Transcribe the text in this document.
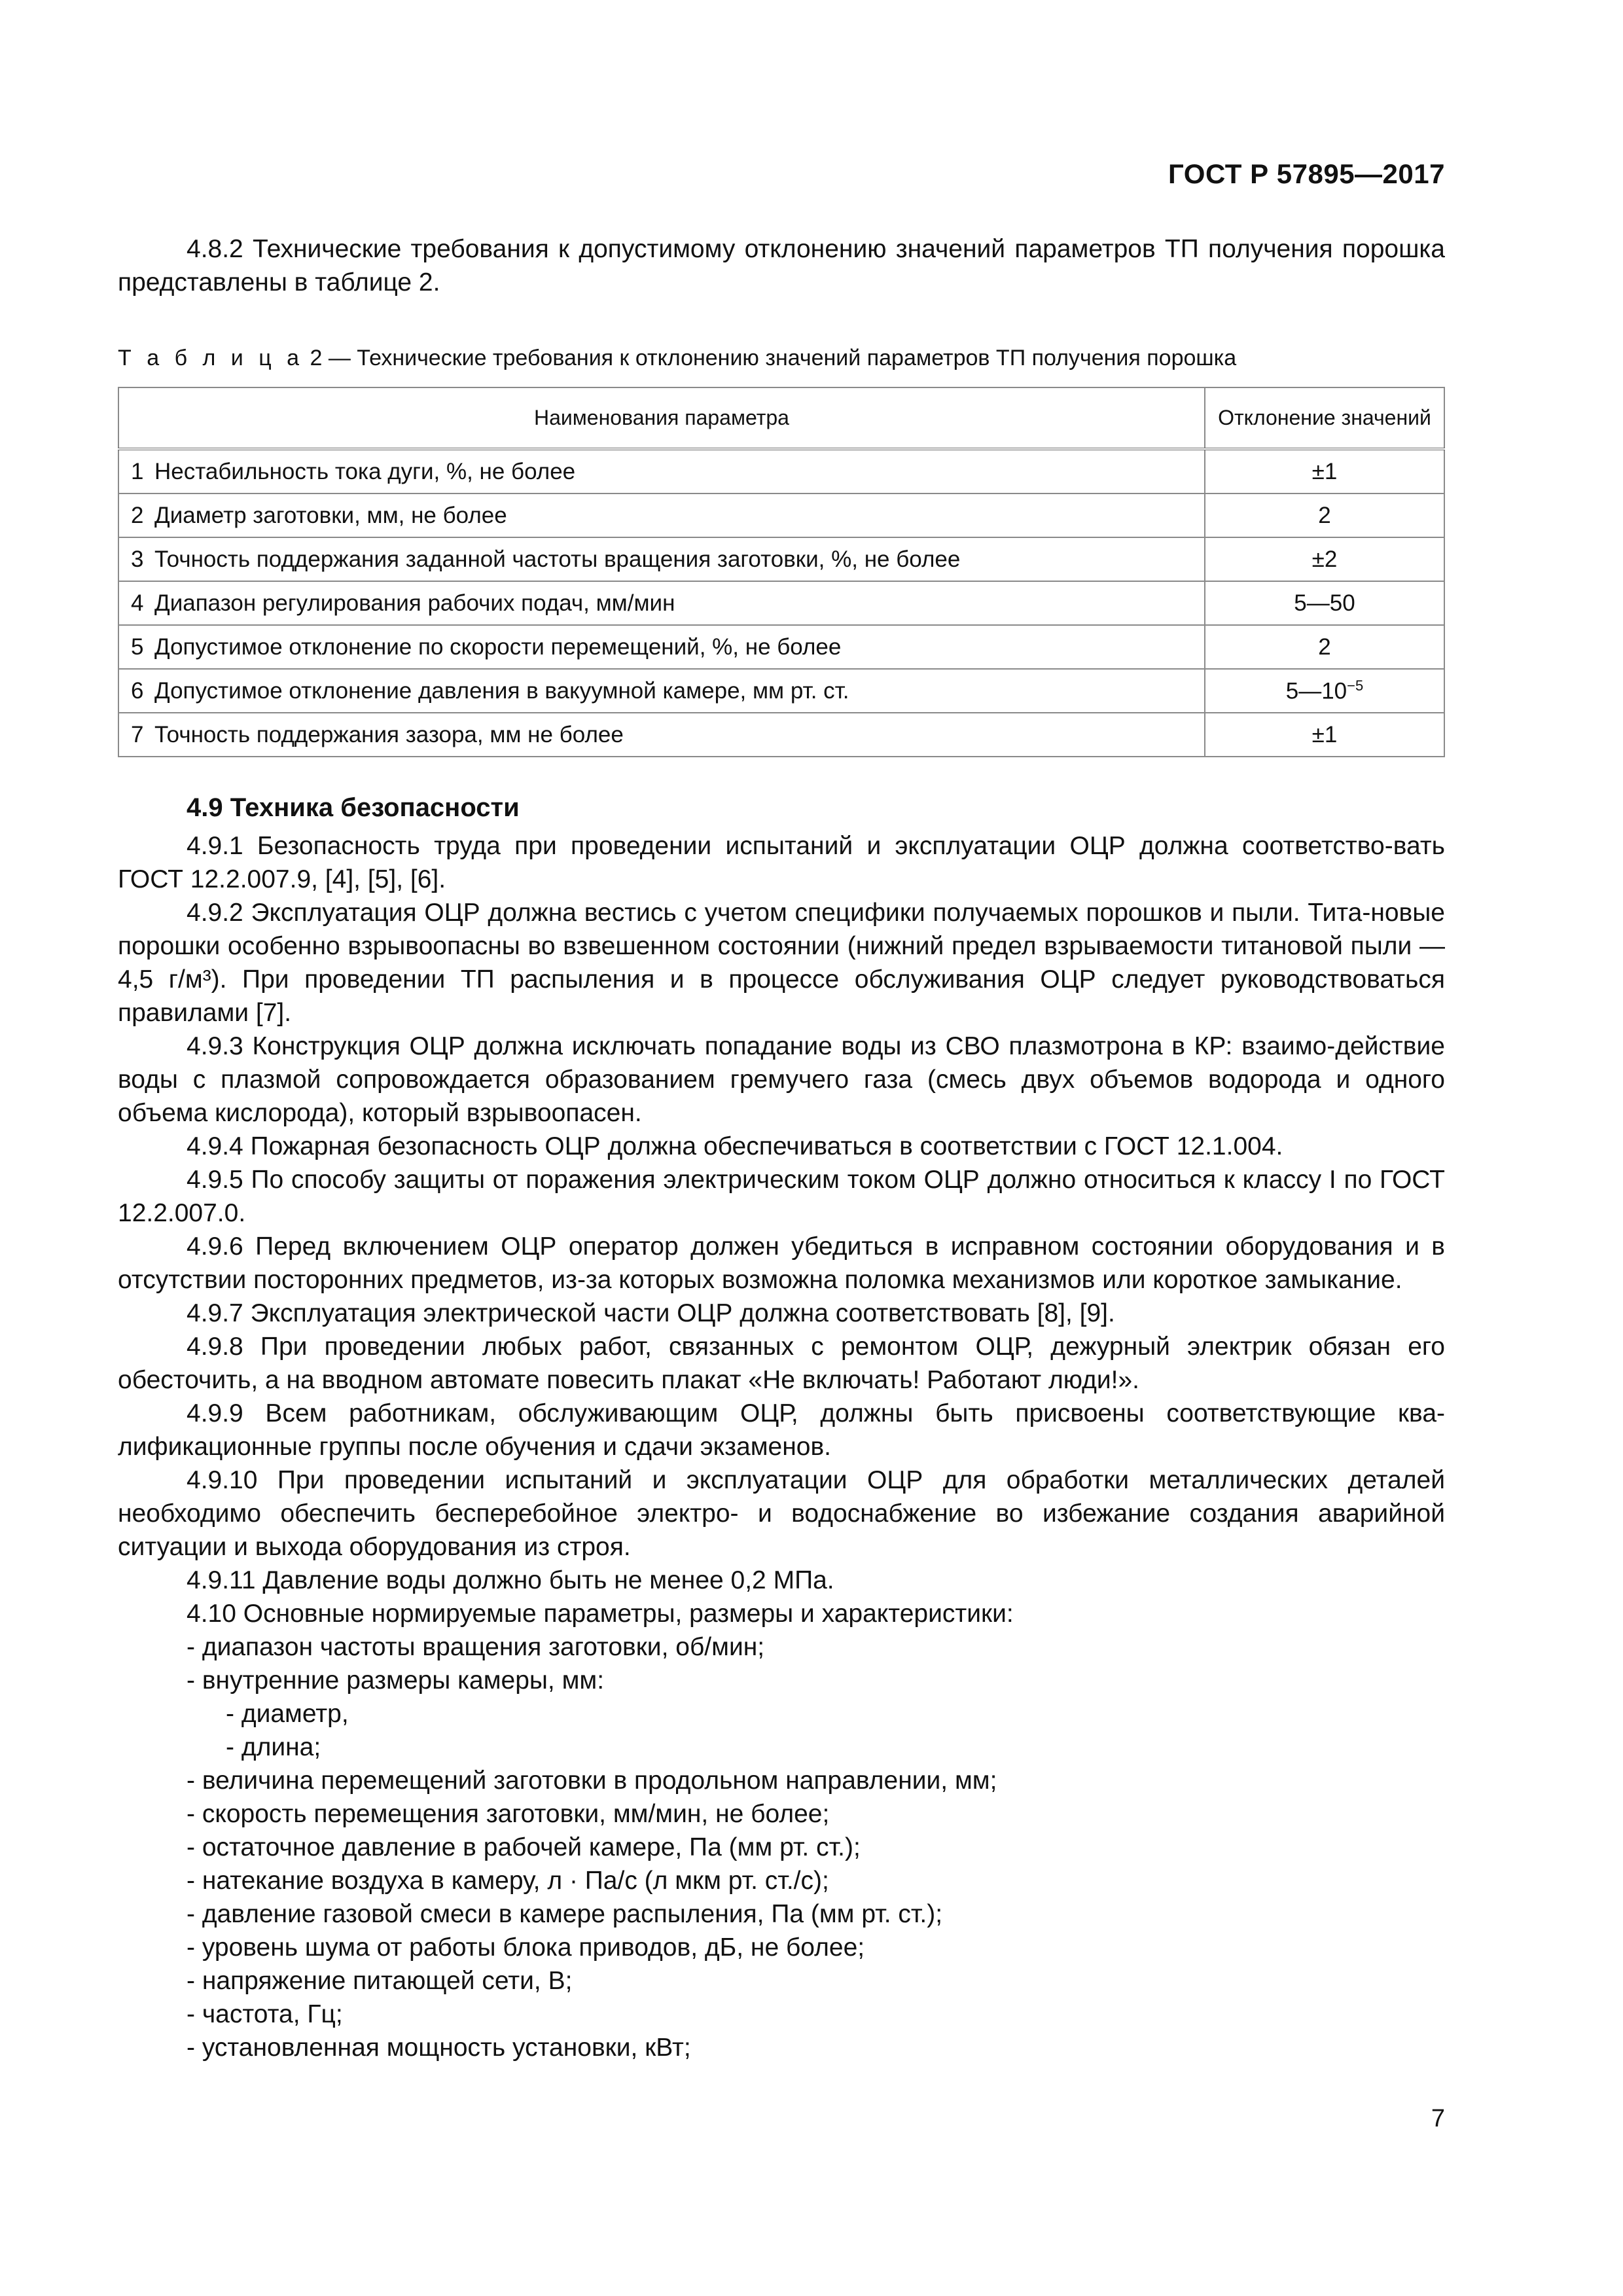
ГОСТ Р 57895—2017

4.8.2 Технические требования к допустимому отклонению значений параметров ТП получения порошка представлены в таблице 2.

Т а б л и ц а 2 — Технические требования к отклонению значений параметров ТП получения порошка
Наименования параметра		Отклонение значений
1	Нестабильность тока дуги, %, не более	±1
2	Диаметр заготовки, мм, не более	2
3	Точность поддержания заданной частоты вращения заготовки, %, не более	±2
4	Диапазон регулирования рабочих подач, мм/мин	5—50
5	Допустимое отклонение по скорости перемещений, %, не более	2
6	Допустимое отклонение давления в вакуумной камере, мм рт. ст.	$5—10^{-5}$
7	Точность поддержания зазора, мм не более	±1
4.9 Техника безопасности

4.9.1 Безопасность труда при проведении испытаний и эксплуатации ОЦР должна соответство-вать ГОСТ 12.2.007.9, [4], [5], [6].

4.9.2 Эксплуатация ОЦР должна вестись с учетом специфики получаемых порошков и пыли. Тита-новые порошки особенно взрывоопасны во взвешенном состоянии (нижний предел взрываемости титановой пыли — 4,5 г/м³). При проведении ТП распыления и в процессе обслуживания ОЦР следует руководствоваться правилами [7].

4.9.3 Конструкция ОЦР должна исключать попадание воды из СВО плазмотрона в КР: взаимо-действие воды с плазмой сопровождается образованием гремучего газа (смесь двух объемов водорода и одного объема кислорода), который взрывоопасен.

4.9.4 Пожарная безопасность ОЦР должна обеспечиваться в соответствии с ГОСТ 12.1.004.

4.9.5 По способу защиты от поражения электрическим током ОЦР должно относиться к классу I по ГОСТ 12.2.007.0.

4.9.6 Перед включением ОЦР оператор должен убедиться в исправном состоянии оборудования и в отсутствии посторонних предметов, из-за которых возможна поломка механизмов или короткое замыкание.

4.9.7 Эксплуатация электрической части ОЦР должна соответствовать [8], [9].

4.9.8 При проведении любых работ, связанных с ремонтом ОЦР, дежурный электрик обязан его обесточить, а на вводном автомате повесить плакат «Не включать! Работают люди!».

4.9.9 Всем работникам, обслуживающим ОЦР, должны быть присвоены соответствующие ква-лификационные группы после обучения и сдачи экзаменов.

4.9.10 При проведении испытаний и эксплуатации ОЦР для обработки металлических деталей необходимо обеспечить бесперебойное электро- и водоснабжение во избежание создания аварийной ситуации и выхода оборудования из строя.

4.9.11 Давление воды должно быть не менее 0,2 МПа.

4.10 Основные нормируемые параметры, размеры и характеристики:

- диапазон частоты вращения заготовки, об/мин;
- внутренние размеры камеры, мм:
- диаметр,
- длина;
- величина перемещений заготовки в продольном направлении, мм;
- скорость перемещения заготовки, мм/мин, не более;
- остаточное давление в рабочей камере, Па (мм рт. ст.);
- натекание воздуха в камеру, л · Па/с (л мкм рт. ст./с);
- давление газовой смеси в камере распыления, Па (мм рт. ст.);
- уровень шума от работы блока приводов, дБ, не более;
- напряжение питающей сети, В;
- частота, Гц;
- установленная мощность установки, кВт;
7
